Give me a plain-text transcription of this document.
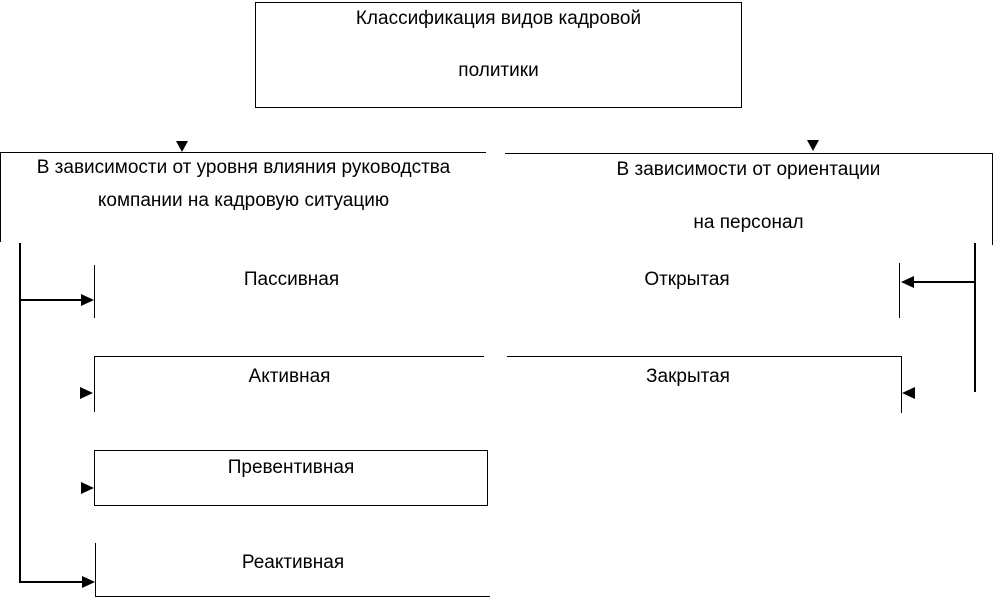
Классификация видов кадровой
политики
В зависимости от уровня влияния руководства
компании на кадровую ситуацию
В зависимости от ориентации
на персонал
Пассивная
Активная
Превентивная
Реактивная
Открытая
Закрытая
